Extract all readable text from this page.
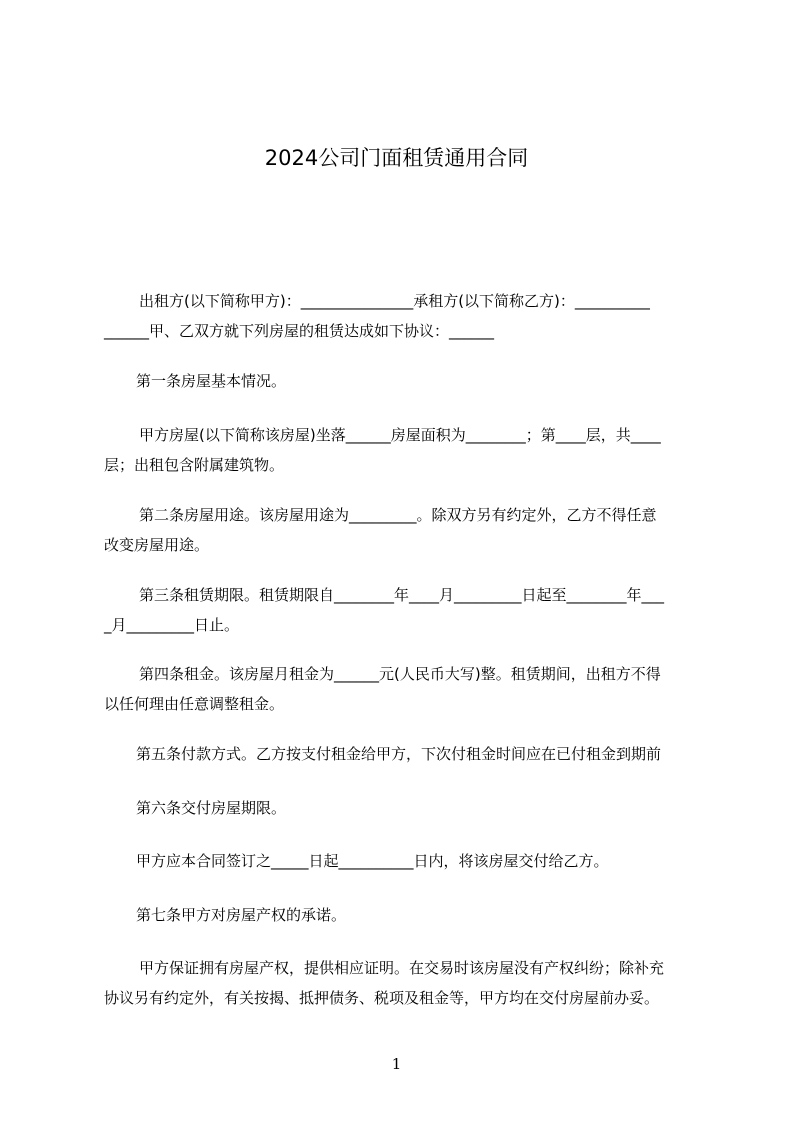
2024公司门面租赁通用合同
出租方(以下简称甲方)：_______________承租方(以下简称乙方)：__________
______甲、乙双方就下列房屋的租赁达成如下协议：______
第一条房屋基本情况。
甲方房屋(以下简称该房屋)坐落______房屋面积为________；第____层，共____
层；出租包含附属建筑物。
第二条房屋用途。该房屋用途为_________。除双方另有约定外，乙方不得任意
改变房屋用途。
第三条租赁期限。租赁期限自________年____月_________日起至________年___
_月_________日止。
第四条租金。该房屋月租金为______元(人民币大写)整。租赁期间，出租方不得
以任何理由任意调整租金。
第五条付款方式。乙方按支付租金给甲方，下次付租金时间应在已付租金到期前
第六条交付房屋期限。
甲方应本合同签订之_____日起__________日内，将该房屋交付给乙方。
第七条甲方对房屋产权的承诺。
甲方保证拥有房屋产权，提供相应证明。在交易时该房屋没有产权纠纷；除补充
协议另有约定外，有关按揭、抵押债务、税项及租金等，甲方均在交付房屋前办妥。
1
